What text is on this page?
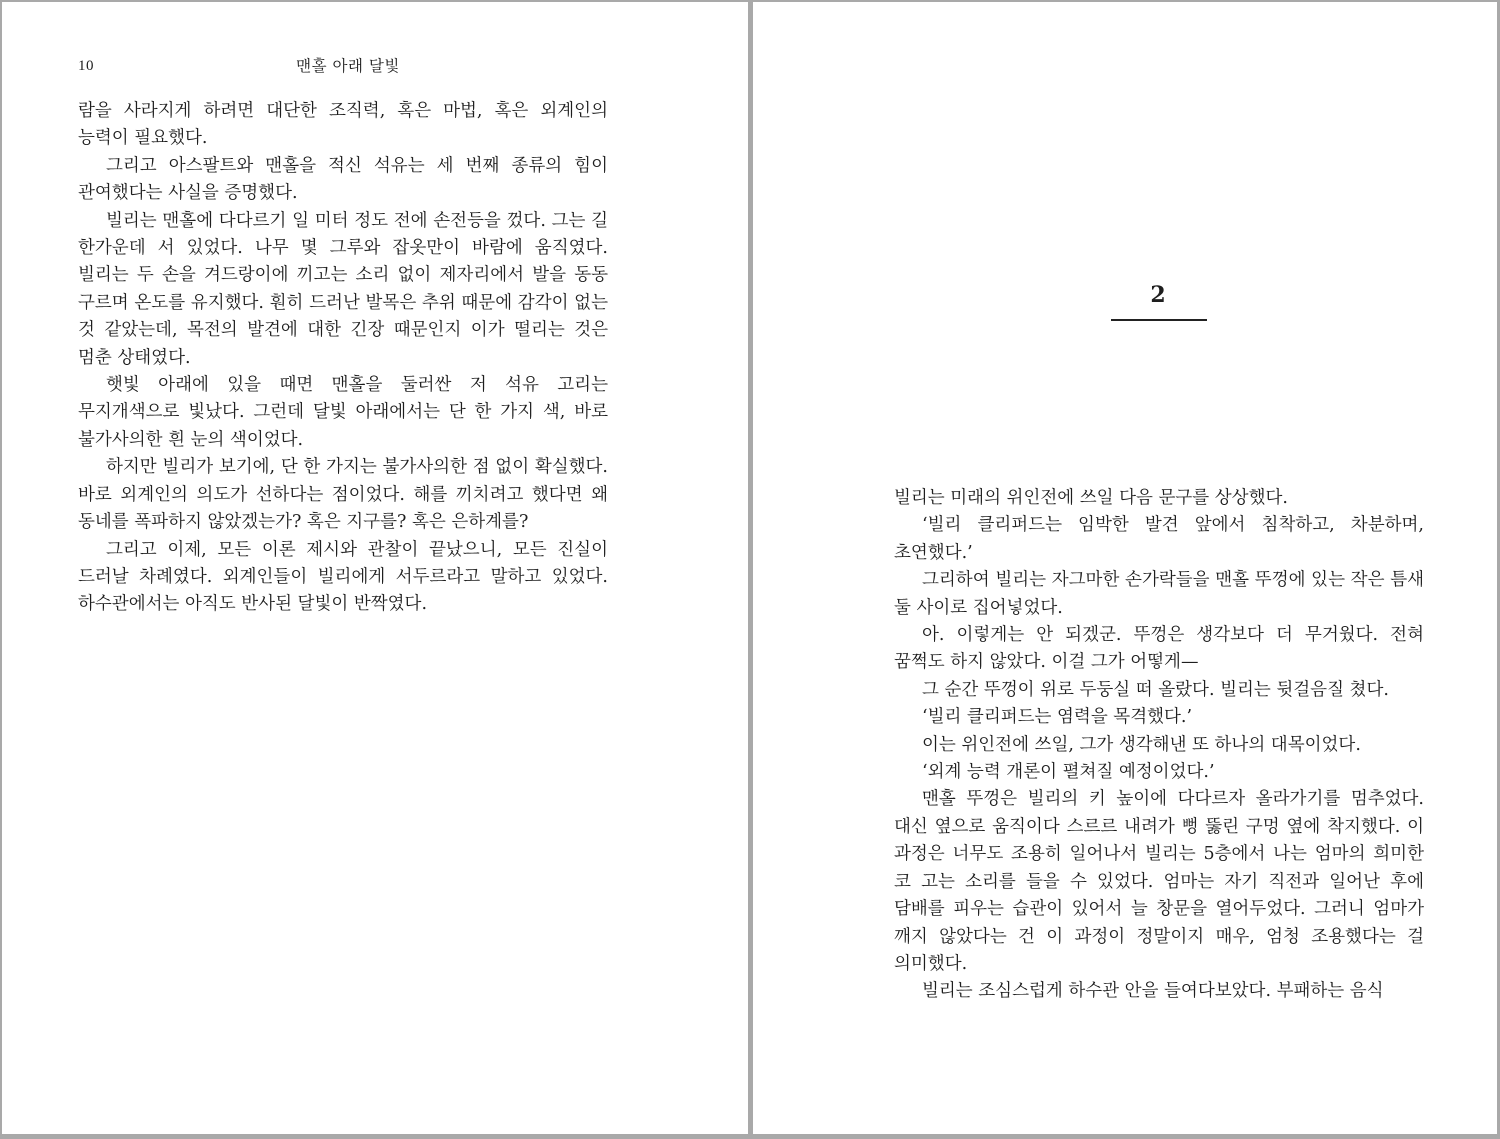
10	맨홀 아래 달빛

람을 사라지게 하려면 대단한 조직력, 혹은 마법, 혹은 외계인의 능력이 필요했다.

그리고 아스팔트와 맨홀을 적신 석유는 세 번째 종류의 힘이 관여했다는 사실을 증명했다.

빌리는 맨홀에 다다르기 일 미터 정도 전에 손전등을 껐다. 그는 길 한가운데 서 있었다. 나무 몇 그루와 잡옷만이 바람에 움직였다. 빌리는 두 손을 겨드랑이에 끼고는 소리 없이 제자리에서 발을 동동 구르며 온도를 유지했다. 훤히 드러난 발목은 추위 때문에 감각이 없는 것 같았는데, 목전의 발견에 대한 긴장 때문인지 이가 떨리는 것은 멈춘 상태였다.

햇빛 아래에 있을 때면 맨홀을 둘러싼 저 석유 고리는 무지개색으로 빛났다. 그런데 달빛 아래에서는 단 한 가지 색, 바로 불가사의한 흰 눈의 색이었다.

하지만 빌리가 보기에, 단 한 가지는 불가사의한 점 없이 확실했다. 바로 외계인의 의도가 선하다는 점이었다. 해를 끼치려고 했다면 왜 동네를 폭파하지 않았겠는가? 혹은 지구를? 혹은 은하계를?

그리고 이제, 모든 이론 제시와 관찰이 끝났으니, 모든 진실이 드러날 차례였다. 외계인들이 빌리에게 서두르라고 말하고 있었다. 하수관에서는 아직도 반사된 달빛이 반짝였다.

2

빌리는 미래의 위인전에 쓰일 다음 문구를 상상했다.

‘빌리 클리퍼드는 임박한 발견 앞에서 침착하고, 차분하며, 초연했다.’

그리하여 빌리는 자그마한 손가락들을 맨홀 뚜껑에 있는 작은 틈새 둘 사이로 집어넣었다.

아. 이렇게는 안 되겠군. 뚜껑은 생각보다 더 무거웠다. 전혀 꿈쩍도 하지 않았다. 이걸 그가 어떻게—

그 순간 뚜껑이 위로 두둥실 떠 올랐다. 빌리는 뒷걸음질 쳤다.

‘빌리 클리퍼드는 염력을 목격했다.’

이는 위인전에 쓰일, 그가 생각해낸 또 하나의 대목이었다.

‘외계 능력 개론이 펼쳐질 예정이었다.’

맨홀 뚜껑은 빌리의 키 높이에 다다르자 올라가기를 멈추었다. 대신 옆으로 움직이다 스르르 내려가 뻥 뚫린 구멍 옆에 착지했다. 이 과정은 너무도 조용히 일어나서 빌리는 5층에서 나는 엄마의 희미한 코 고는 소리를 들을 수 있었다. 엄마는 자기 직전과 일어난 후에 담배를 피우는 습관이 있어서 늘 창문을 열어두었다. 그러니 엄마가 깨지 않았다는 건 이 과정이 정말이지 매우, 엄청 조용했다는 걸 의미했다.

빌리는 조심스럽게 하수관 안을 들여다보았다. 부패하는 음식
